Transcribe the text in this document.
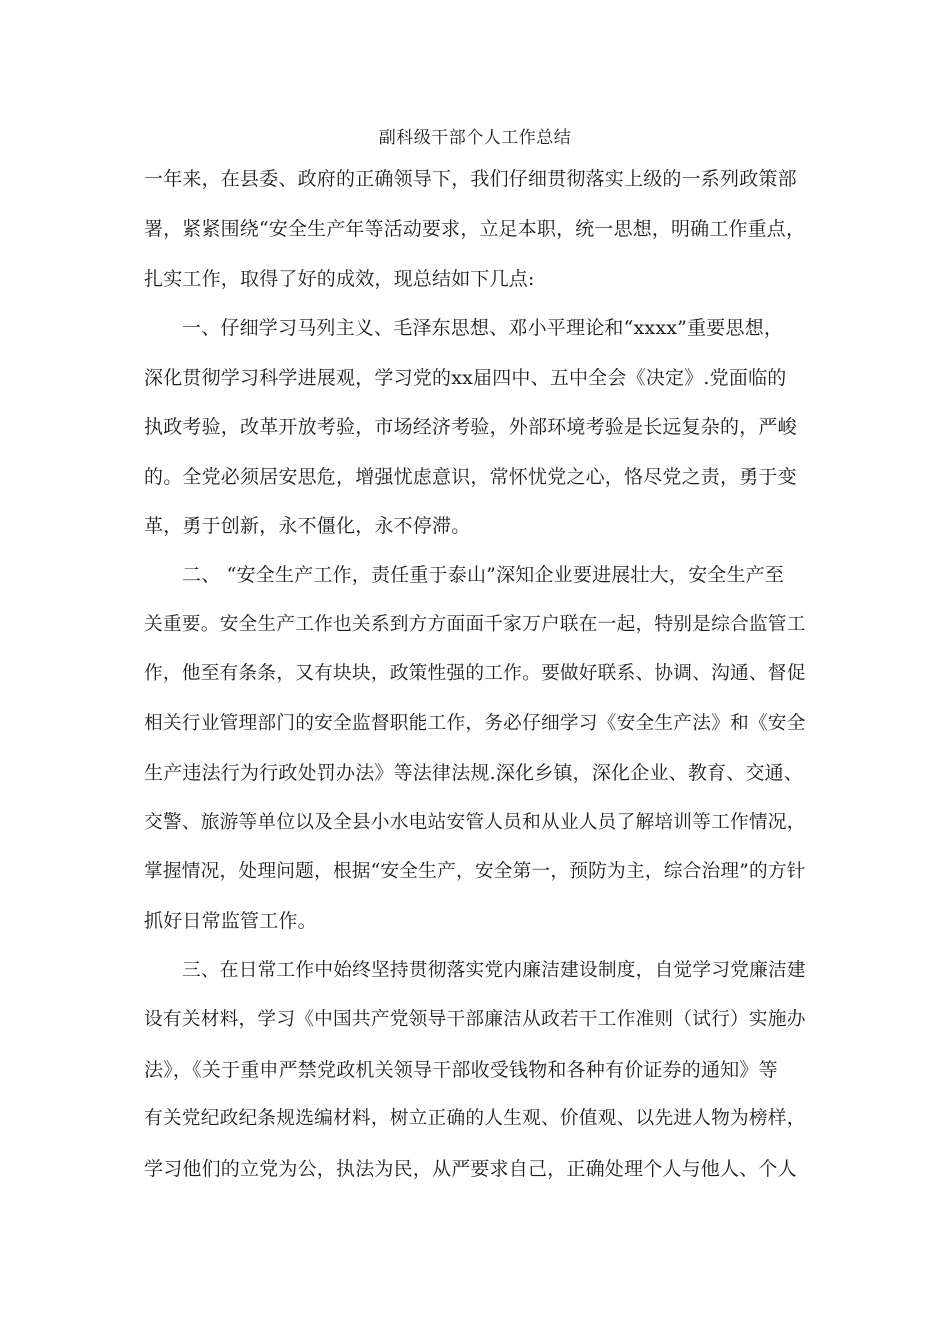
副科级干部个人工作总结
一年来，在县委、政府的正确领导下，我们仔细贯彻落实上级的一系列政策部
署，紧紧围绕“安全生产年等活动要求，立足本职，统一思想，明确工作重点，
扎实工作，取得了好的成效，现总结如下几点:
一、仔细学习马列主义、毛泽东思想、邓小平理论和“xxxx”重要思想，
深化贯彻学习科学进展观，学习党的xx届四中、五中全会《决定》.党面临的
执政考验，改革开放考验，市场经济考验，外部环境考验是长远复杂的，严峻
的。全党必须居安思危，增强忧虑意识，常怀忧党之心，恪尽党之责，勇于变
革，勇于创新，永不僵化，永不停滞。
二、 “安全生产工作，责任重于泰山”深知企业要进展壮大，安全生产至
关重要。安全生产工作也关系到方方面面千家万户联在一起，特别是综合监管工
作，他至有条条，又有块块，政策性强的工作。要做好联系、协调、沟通、督促
相关行业管理部门的安全监督职能工作，务必仔细学习《安全生产法》和《安全
生产违法行为行政处罚办法》等法律法规.深化乡镇，深化企业、教育、交通、
交警、旅游等单位以及全县小水电站安管人员和从业人员了解培训等工作情况，
掌握情况，处理问题，根据“安全生产，安全第一，预防为主，综合治理”的方针
抓好日常监管工作。
三、在日常工作中始终坚持贯彻落实党内廉洁建设制度，自觉学习党廉洁建
设有关材料，学习《中国共产党领导干部廉洁从政若干工作准则（试行）实施办
法》，《关于重申严禁党政机关领导干部收受钱物和各种有价证券的通知》等
有关党纪政纪条规选编材料，树立正确的人生观、价值观、以先进人物为榜样，
学习他们的立党为公，执法为民，从严要求自己，正确处理个人与他人、个人
